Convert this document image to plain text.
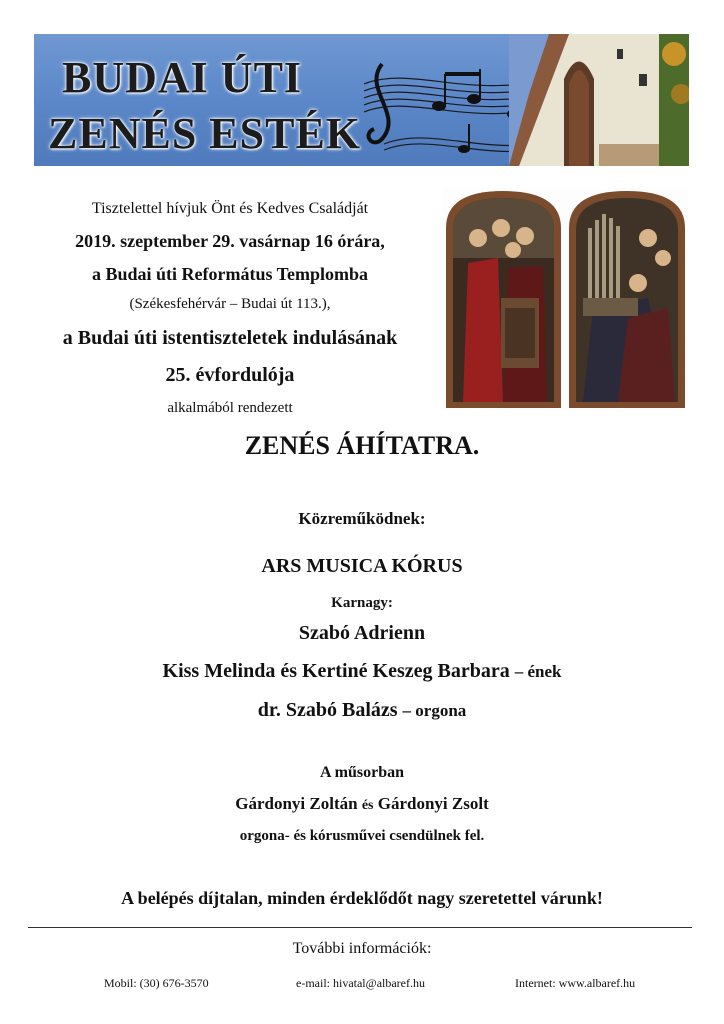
BUDAI ÚTI
ZENÉS ESTÉK
Tisztelettel hívjuk Önt és Kedves Családját
2019. szeptember 29. vasárnap 16 órára,
a Budai úti Református Templomba
(Székesfehérvár – Budai út 113.),
a Budai úti istentiszteletek indulásának
25. évfordulója
alkalmából rendezett
ZENÉS ÁHÍTATRA.
Közreműködnek:
ARS MUSICA KÓRUS
Karnagy:
Szabó Adrienn
Kiss Melinda és Kertiné Keszeg Barbara – ének
dr. Szabó Balázs – orgona
A műsorban
Gárdonyi Zoltán és Gárdonyi Zsolt
orgona- és kórusművei csendülnek fel.
A belépés díjtalan, minden érdeklődőt nagy szeretettel várunk!
További információk:
Mobil: (30) 676-3570	e-mail: hivatal@albaref.hu	Internet: www.albaref.hu
